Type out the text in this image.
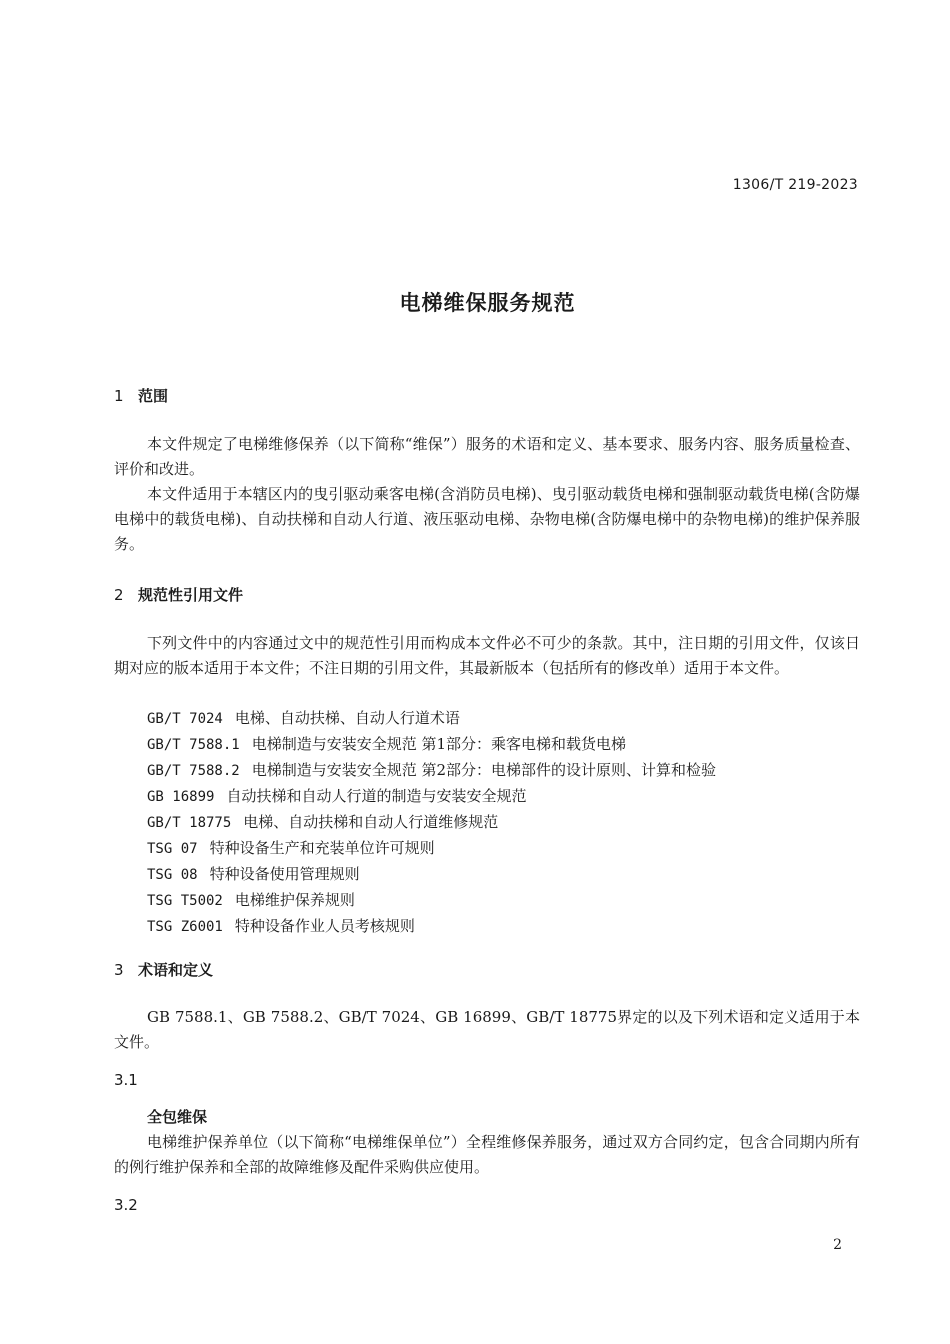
1306/T 219-2023
电梯维保服务规范
1 范围

本文件规定了电梯维修保养（以下简称“维保”）服务的术语和定义、基本要求、服务内容、服务质量检查、评价和改进。

本文件适用于本辖区内的曳引驱动乘客电梯(含消防员电梯)、曳引驱动载货电梯和强制驱动载货电梯(含防爆电梯中的载货电梯)、自动扶梯和自动人行道、液压驱动电梯、杂物电梯(含防爆电梯中的杂物电梯)的维护保养服务。

2 规范性引用文件

下列文件中的内容通过文中的规范性引用而构成本文件必不可少的条款。其中，注日期的引用文件，仅该日期对应的版本适用于本文件；不注日期的引用文件，其最新版本（包括所有的修改单）适用于本文件。

GB/T 7024 电梯、自动扶梯、自动人行道术语
GB/T 7588.1 电梯制造与安装安全规范 第1部分：乘客电梯和载货电梯
GB/T 7588.2 电梯制造与安装安全规范 第2部分：电梯部件的设计原则、计算和检验
GB 16899 自动扶梯和自动人行道的制造与安装安全规范
GB/T 18775 电梯、自动扶梯和自动人行道维修规范
TSG 07 特种设备生产和充装单位许可规则
TSG 08 特种设备使用管理规则
TSG T5002 电梯维护保养规则
TSG Z6001 特种设备作业人员考核规则
3 术语和定义

GB 7588.1、GB 7588.2、GB/T 7024、GB 16899、GB/T 18775界定的以及下列术语和定义适用于本文件。

3.1
全包维保

电梯维护保养单位（以下简称“电梯维保单位”）全程维修保养服务，通过双方合同约定，包含合同期内所有的例行维护保养和全部的故障维修及配件采购供应使用。

3.2
2
